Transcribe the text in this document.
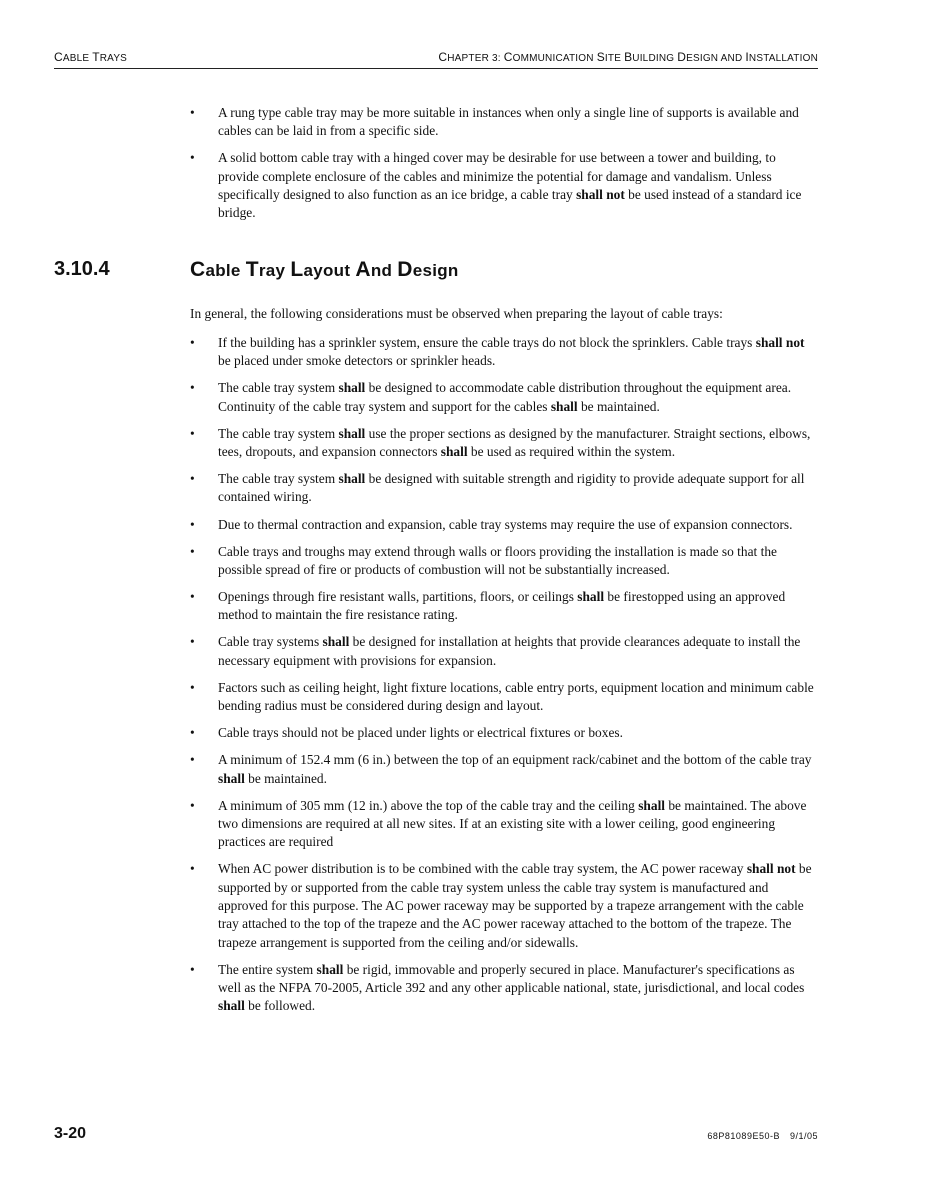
CABLE TRAYS	CHAPTER 3: COMMUNICATION SITE BUILDING DESIGN AND INSTALLATION
• A rung type cable tray may be more suitable in instances when only a single line of supports is available and cables can be laid in from a specific side.
• A solid bottom cable tray with a hinged cover may be desirable for use between a tower and building, to provide complete enclosure of the cables and minimize the potential for damage and vandalism. Unless specifically designed to also function as an ice bridge, a cable tray shall not be used instead of a standard ice bridge.
3.10.4	Cable Tray Layout And Design
In general, the following considerations must be observed when preparing the layout of cable trays:
• If the building has a sprinkler system, ensure the cable trays do not block the sprinklers. Cable trays shall not be placed under smoke detectors or sprinkler heads.
• The cable tray system shall be designed to accommodate cable distribution throughout the equipment area. Continuity of the cable tray system and support for the cables shall be maintained.
• The cable tray system shall use the proper sections as designed by the manufacturer. Straight sections, elbows, tees, dropouts, and expansion connectors shall be used as required within the system.
• The cable tray system shall be designed with suitable strength and rigidity to provide adequate support for all contained wiring.
• Due to thermal contraction and expansion, cable tray systems may require the use of expansion connectors.
• Cable trays and troughs may extend through walls or floors providing the installation is made so that the possible spread of fire or products of combustion will not be substantially increased.
• Openings through fire resistant walls, partitions, floors, or ceilings shall be firestopped using an approved method to maintain the fire resistance rating.
• Cable tray systems shall be designed for installation at heights that provide clearances adequate to install the necessary equipment with provisions for expansion.
• Factors such as ceiling height, light fixture locations, cable entry ports, equipment location and minimum cable bending radius must be considered during design and layout.
• Cable trays should not be placed under lights or electrical fixtures or boxes.
• A minimum of 152.4 mm (6 in.) between the top of an equipment rack/cabinet and the bottom of the cable tray shall be maintained.
• A minimum of 305 mm (12 in.) above the top of the cable tray and the ceiling shall be maintained. The above two dimensions are required at all new sites. If at an existing site with a lower ceiling, good engineering practices are required
• When AC power distribution is to be combined with the cable tray system, the AC power raceway shall not be supported by or supported from the cable tray system unless the cable tray system is manufactured and approved for this purpose. The AC power raceway may be supported by a trapeze arrangement with the cable tray attached to the top of the trapeze and the AC power raceway attached to the bottom of the trapeze. The trapeze arrangement is supported from the ceiling and/or sidewalls.
• The entire system shall be rigid, immovable and properly secured in place. Manufacturer's specifications as well as the NFPA 70-2005, Article 392 and any other applicable national, state, jurisdictional, and local codes shall be followed.
3-20	68P81089E50-B 9/1/05
